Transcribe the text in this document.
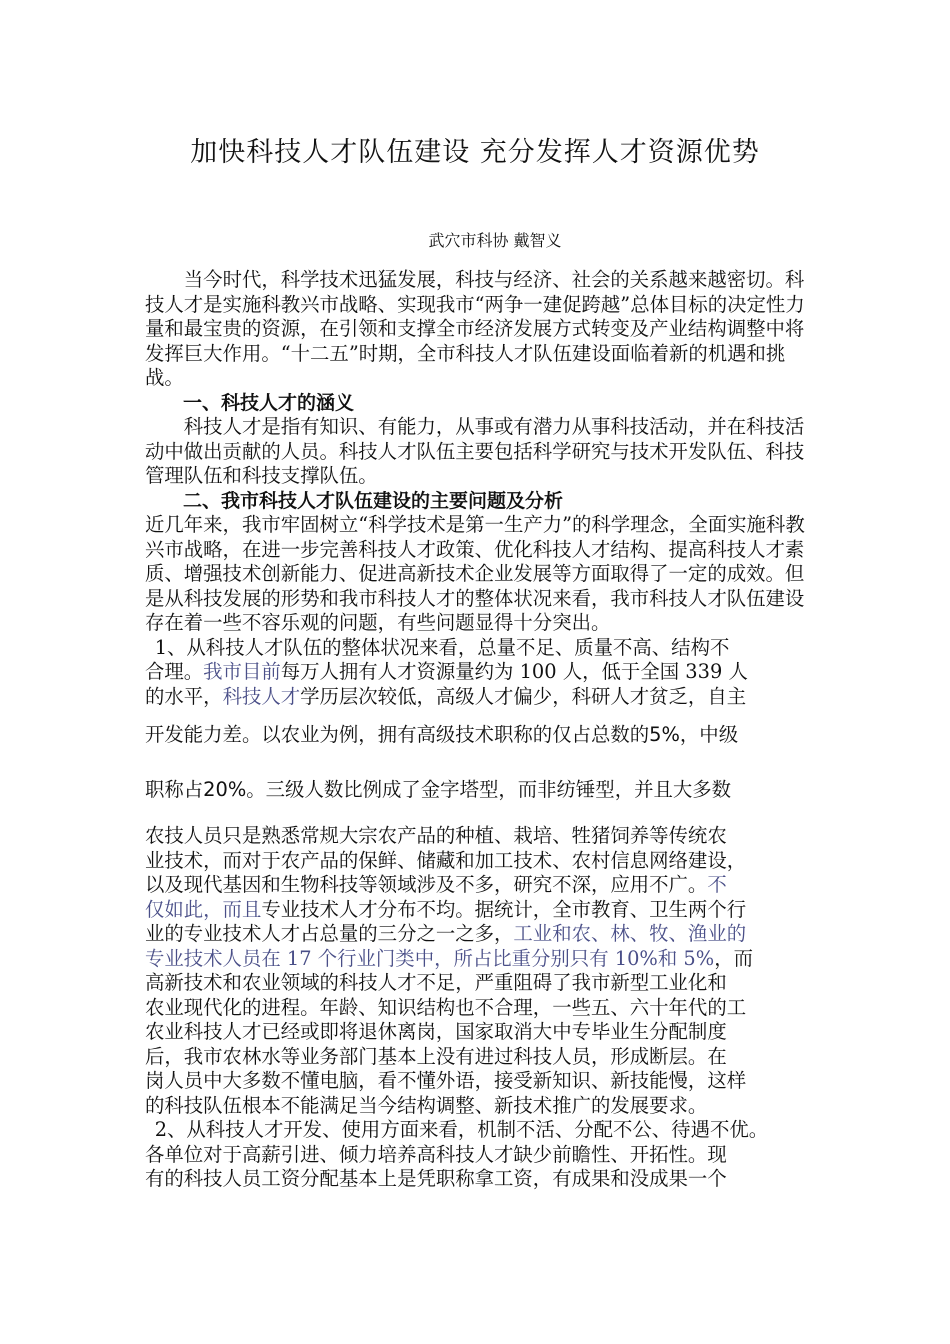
加快科技人才队伍建设 充分发挥人才资源优势
武穴市科协 戴智义

当今时代，科学技术迅猛发展，科技与经济、社会的关系越来越密切。科技人才是实施科教兴市战略、实现我市“两争一建促跨越”总体目标的决定性力量和最宝贵的资源，在引领和支撑全市经济发展方式转变及产业结构调整中将发挥巨大作用。“十二五”时期，全市科技人才队伍建设面临着新的机遇和挑战。

一、科技人才的涵义

科技人才是指有知识、有能力，从事或有潜力从事科技活动，并在科技活动中做出贡献的人员。科技人才队伍主要包括科学研究与技术开发队伍、科技管理队伍和科技支撑队伍。

二、我市科技人才队伍建设的主要问题及分析

近几年来，我市牢固树立“科学技术是第一生产力”的科学理念，全面实施科教兴市战略，在进一步完善科技人才政策、优化科技人才结构、提高科技人才素质、增强技术创新能力、促进高新技术企业发展等方面取得了一定的成效。但是从科技发展的形势和我市科技人才的整体状况来看，我市科技人才队伍建设存在着一些不容乐观的问题，有些问题显得十分突出。

1、从科技人才队伍的整体状况来看，总量不足、质量不高、结构不
合理。我市目前每万人拥有人才资源量约为 100 人，低于全国 339 人
的水平，科技人才学历层次较低，高级人才偏少，科研人才贫乏，自主
开发能力差。以农业为例，拥有高级技术职称的仅占总数的5%，中级
职称占20%。三级人数比例成了金字塔型，而非纺锤型，并且大多数
农技人员只是熟悉常规大宗农产品的种植、栽培、牲猪饲养等传统农
业技术，而对于农产品的保鲜、储藏和加工技术、农村信息网络建设，
以及现代基因和生物科技等领域涉及不多，研究不深，应用不广。不
仅如此，而且专业技术人才分布不均。据统计，全市教育、卫生两个行
业的专业技术人才占总量的三分之一之多，工业和农、林、牧、渔业的
专业技术人员在 17 个行业门类中，所占比重分别只有 10%和 5%，而
高新技术和农业领域的科技人才不足，严重阻碍了我市新型工业化和
农业现代化的进程。年龄、知识结构也不合理，一些五、六十年代的工
农业科技人才已经或即将退休离岗，国家取消大中专毕业生分配制度
后，我市农林水等业务部门基本上没有进过科技人员，形成断层。在
岗人员中大多数不懂电脑，看不懂外语，接受新知识、新技能慢，这样
的科技队伍根本不能满足当今结构调整、新技术推广的发展要求。

2、从科技人才开发、使用方面来看，机制不活、分配不公、待遇不优。
各单位对于高薪引进、倾力培养高科技人才缺少前瞻性、开拓性。现
有的科技人员工资分配基本上是凭职称拿工资，有成果和没成果一个
